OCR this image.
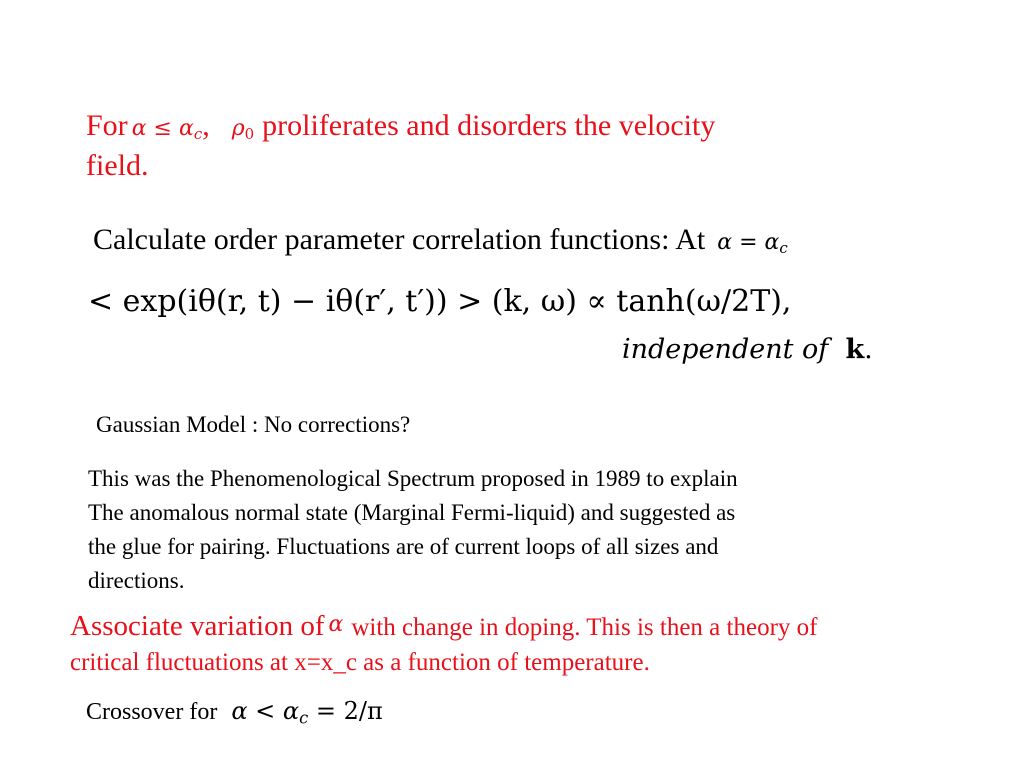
For $\alpha \le \alpha_c$, $\rho_0$ proliferates and disorders the velocity
field.
Calculate order parameter correlation functions: At $\alpha = \alpha_c$
< exp(iθ(r, t) − iθ(r′, t′)) > (k, ω) ∝ tanh(ω/2T),
independent of k.
Gaussian Model : No corrections?
This was the Phenomenological Spectrum proposed in 1989 to explain
The anomalous normal state (Marginal Fermi-liquid) and suggested as
the glue for pairing. Fluctuations are of current loops of all sizes and
directions.
Associate variation of α with change in doping. This is then a theory of
critical fluctuations at x=x_c as a function of temperature.
Crossover for $\alpha < \alpha_c = 2/\pi$
